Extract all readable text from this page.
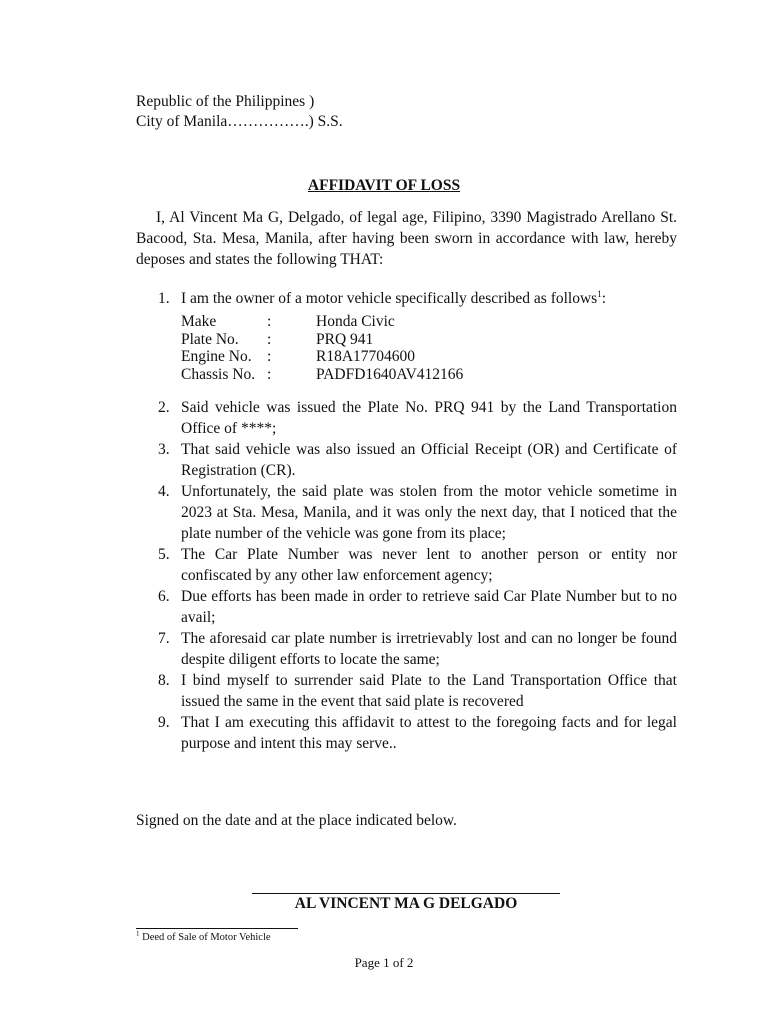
Republic of the Philippines )
City of Manila…………….) S.S.
AFFIDAVIT OF LOSS
I, Al Vincent Ma G, Delgado, of legal age, Filipino, 3390 Magistrado Arellano St. Bacood, Sta. Mesa, Manila, after having been sworn in accordance with law, hereby deposes and states the following THAT:
1. I am the owner of a motor vehicle specifically described as follows$^1$:
Make	:	Honda Civic
Plate No.	:	PRQ 941
Engine No. :	R18A17704600
Chassis No. :	PADFD1640AV412166
2. Said vehicle was issued the Plate No. PRQ 941 by the Land Transportation Office of ****;
3. That said vehicle was also issued an Official Receipt (OR) and Certificate of Registration (CR).
4. Unfortunately, the said plate was stolen from the motor vehicle sometime in 2023 at Sta. Mesa, Manila, and it was only the next day, that I noticed that the plate number of the vehicle was gone from its place;
5. The Car Plate Number was never lent to another person or entity nor confiscated by any other law enforcement agency;
6. Due efforts has been made in order to retrieve said Car Plate Number but to no avail;
7. The aforesaid car plate number is irretrievably lost and can no longer be found despite diligent efforts to locate the same;
8. I bind myself to surrender said Plate to the Land Transportation Office that issued the same in the event that said plate is recovered
9. That I am executing this affidavit to attest to the foregoing facts and for legal purpose and intent this may serve..
Signed on the date and at the place indicated below.
AL VINCENT MA G DELGADO
$^1$ Deed of Sale of Motor Vehicle
Page 1 of 2
